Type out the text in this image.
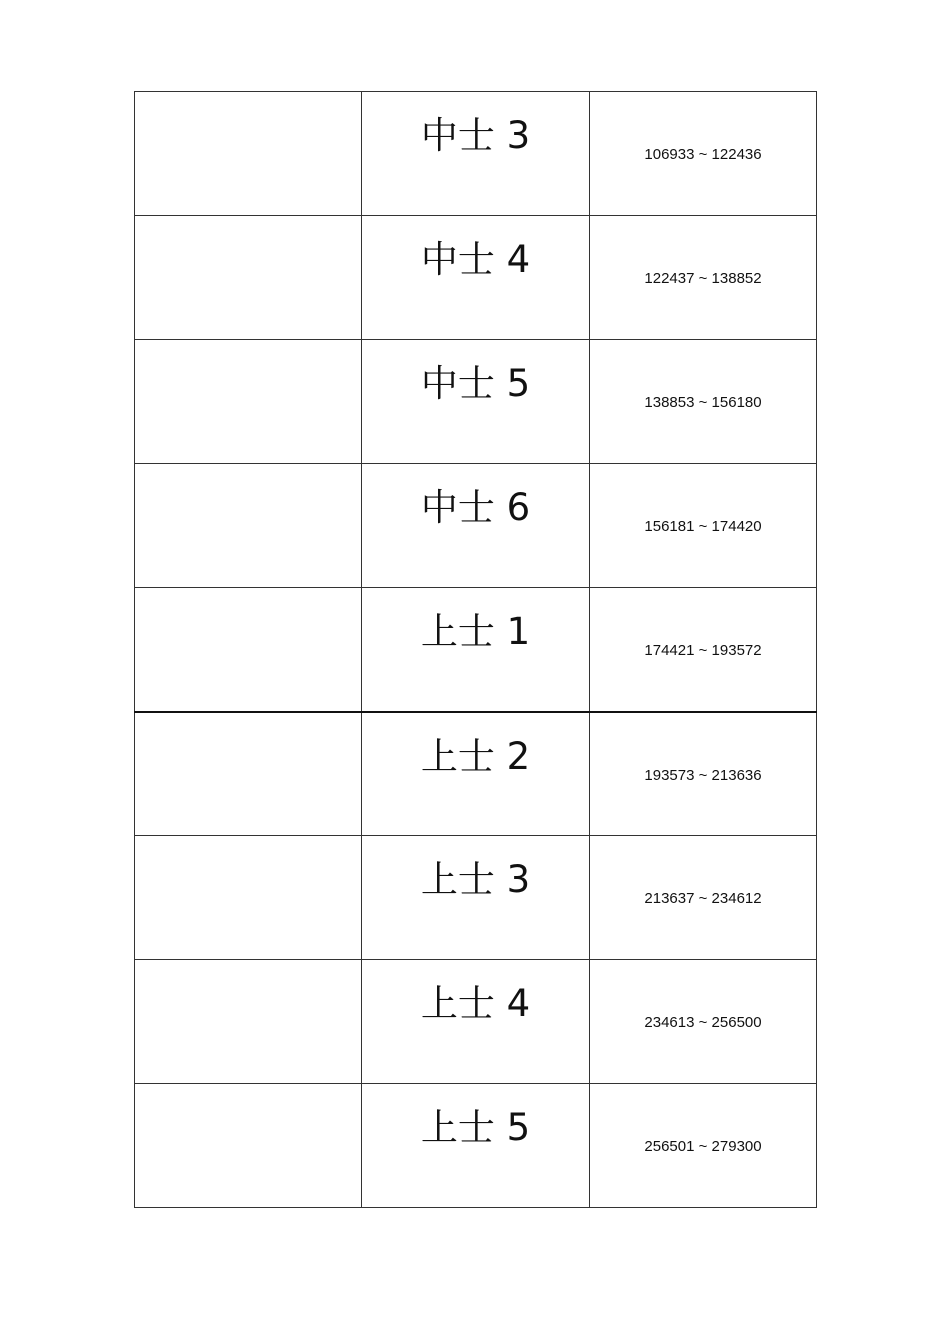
	中士 3	106933 ~ 122436

	中士 4	122437 ~ 138852

	中士 5	138853 ~ 156180

	中士 6	156181 ~ 174420

	上士 1	174421 ~ 193572

	上士 2	193573 ~ 213636

	上士 3	213637 ~ 234612

	上士 4	234613 ~ 256500

	上士 5	256501 ~ 279300
